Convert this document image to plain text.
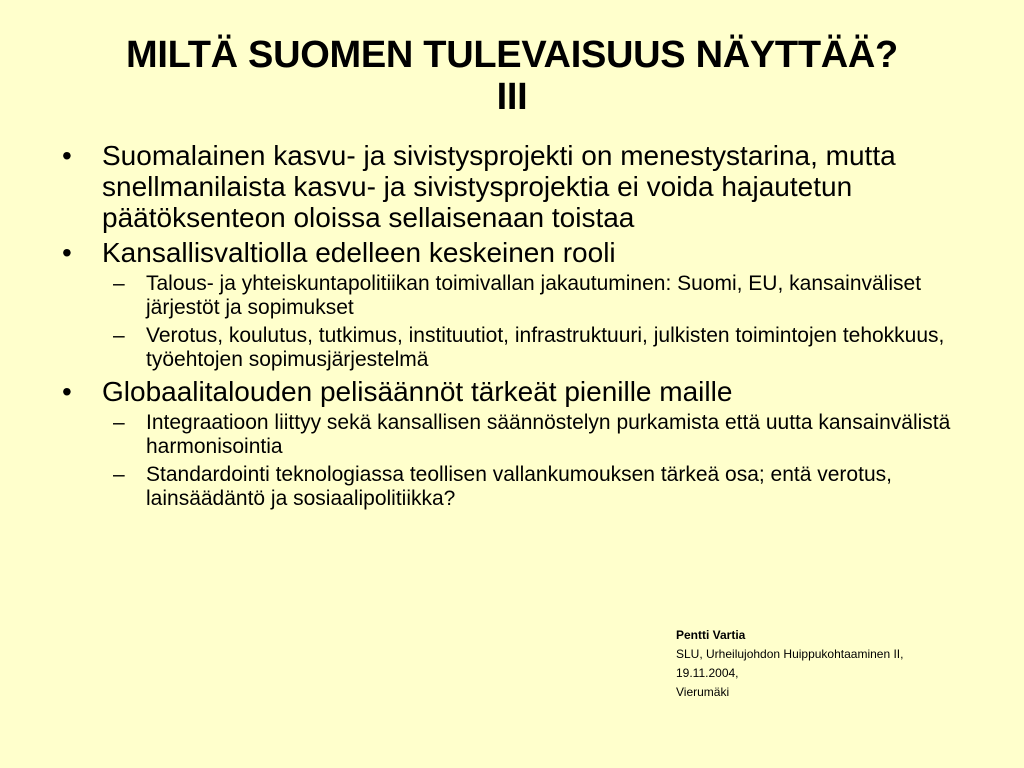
MILTÄ SUOMEN TULEVAISUUS NÄYTTÄÄ?
III
• Suomalainen kasvu- ja sivistysprojekti on menestystarina, mutta snellmanilaista kasvu- ja sivistysprojektia ei voida hajautetun päätöksenteon oloissa sellaisenaan toistaa
• Kansallisvaltiolla edelleen keskeinen rooli
– Talous- ja yhteiskuntapolitiikan toimivallan jakautuminen: Suomi, EU, kansainväliset järjestöt ja sopimukset
– Verotus, koulutus, tutkimus, instituutiot, infrastruktuuri, julkisten toimintojen tehokkuus, työehtojen sopimusjärjestelmä
• Globaalitalouden pelisäännöt tärkeät pienille maille
– Integraatioon liittyy sekä kansallisen säännöstelyn purkamista että uutta kansainvälistä harmonisointia
– Standardointi teknologiassa teollisen vallankumouksen tärkeä osa; entä verotus, lainsäädäntö ja sosiaalipolitiikka?
Pentti Vartia
SLU, Urheilujohdon Huippukohtaaminen II,
19.11.2004,
Vierumäki
